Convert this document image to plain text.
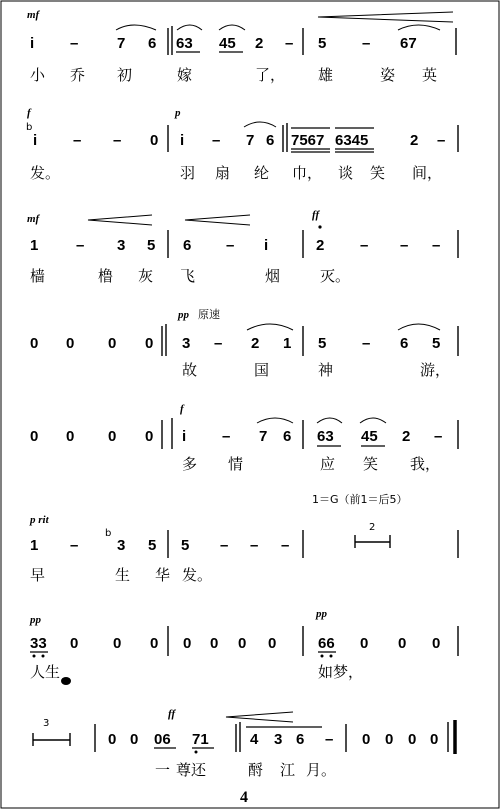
mf
i –	7 6 63 45 2 – 5 – 67
小 乔 初	嫁	了， 雄	姿 英
f	p
b
i – – 0 i – 7 6 7567 6345	2 –
发。	羽 扇 纶 巾， 谈 笑 间，
mf	ff
1	– 3 5 6 – i	2 – – –
樯	橹 灰 飞	烟	灭。
pp 原速
0 0 0 0 3 – 2 1 5 – 6 5
故	国	神	游，
f
0 0 0 0 i – 7 6 63 45 2 –
多 情	应 笑 我，
1＝G（前1＝后5）
p rit
1 –
b
3 5 5 – – –
2
早	生 华 发。
pp	pp
33 0 0 0 0 0 0 0	66 0 0 0
人生	如梦，
ff
3
0 0 06 71	4 3 6 – 0 0 0 0
一 尊还	酹 江 月。
4
